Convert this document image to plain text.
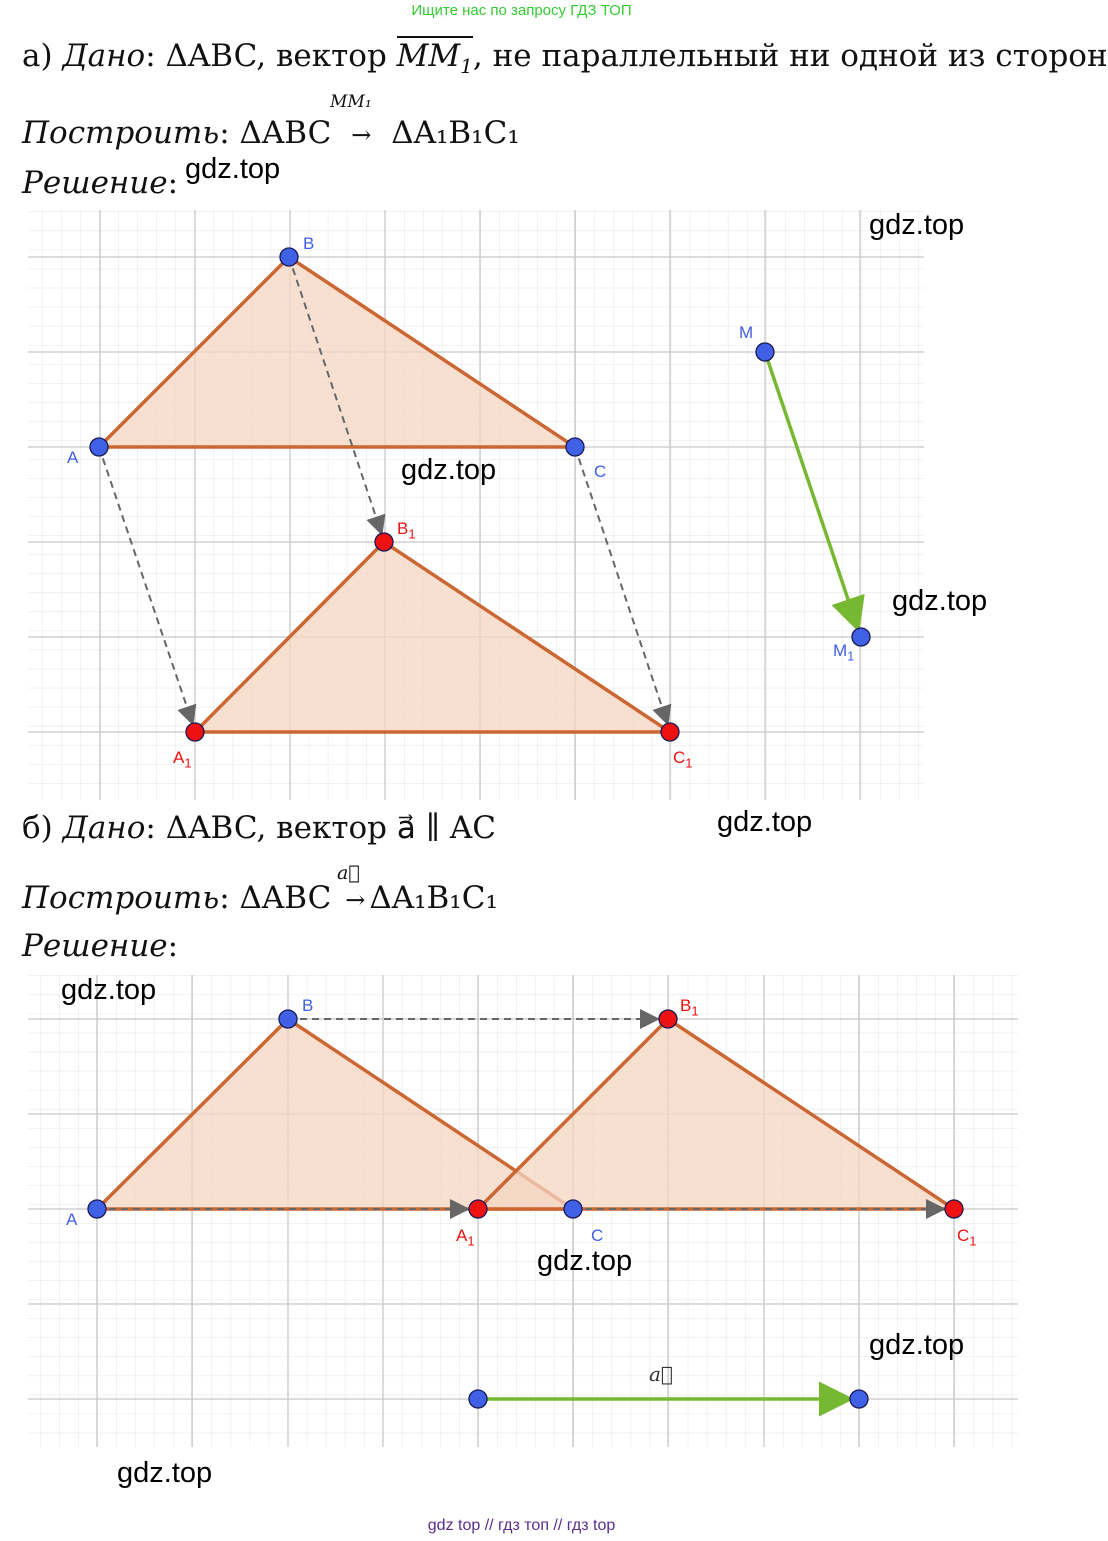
Ищите нас по запросу ГДЗ ТОП
а) Дано: ΔABC, вектор $MM_1$, не параллельный ни одной из сторон
MM₁
Построить: ΔABC → ΔA₁B₁C₁
Решение:
A
B
C
M
$M_1$
$A_1$
$B_1$
$C_1$
б) Дано: ΔABC, вектор a⃗ ∥ AC
a⃗
Построить: ΔABC → ΔA₁B₁C₁
Решение:
A
B
C
$A_1$
$B_1$
$C_1$
a⃗
gdz.top
gdz.top
gdz.top
gdz.top
gdz.top
gdz.top
gdz.top
gdz.top
gdz.top
gdz top // гдз топ // гдз top
